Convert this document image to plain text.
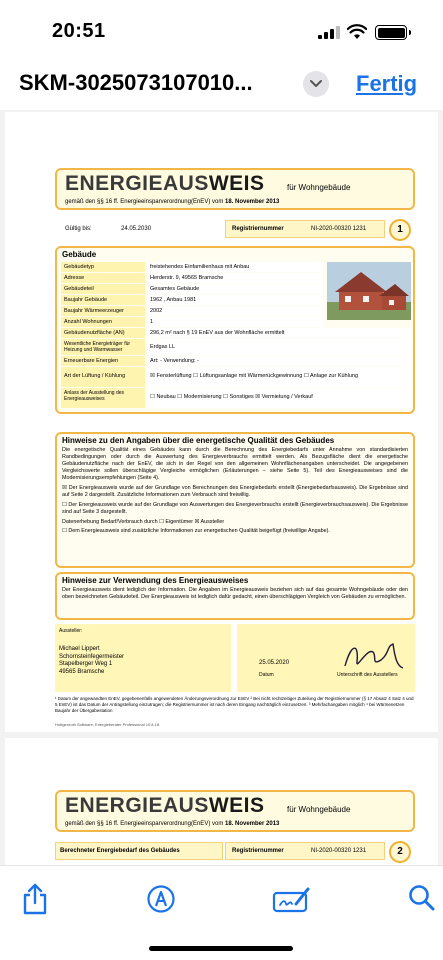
20:51
SKM-3025073107010...	Fertig
ENERGIEAUSWEIS	für Wohngebäude
gemäß den §§ 16 ff. Energieeinsparverordnung(EnEV) vom 18. November 2013
Gültig bis:	24.05.2030	Registriernummer	NI-2020-00320 1231	1
Gebäude
Gebäudetyp	freistehendes Einfamilienhaus mit Anbau
Adresse	Herderstr. 9, 49565 Bramsche
Gebäudeteil	Gesamtes Gebäude
Baujahr Gebäude	1962 , Anbau 1981
Baujahr Wärmeerzeuger	2002
Anzahl Wohnungen	1
Gebäudenutzfläche (AN)	296,2 m² nach § 19 EnEV aus der Wohnfläche ermittelt
Wesentliche Energieträger für Heizung und Warmwasser	Erdgas LL
Erneuerbare Energien	Art: - Verwendung: -
Art der Lüftung / Kühlung	☒ Fensterlüftung ☐ Lüftungsanlage mit Wärmerückgewinnung ☐ Anlage zur Kühlung
Anlass der Ausstellung des Energieausweises	☐ Neubau ☐ Modernisierung ☐ Sonstiges ☒ Vermietung / Verkauf
Hinweise zu den Angaben über die energetische Qualität des Gebäudes
Die energetische Qualität eines Gebäudes kann durch die Berechnung des Energiebedarfs unter Annahme von standardisierten Randbedingungen oder durch die Auswertung des Energieverbrauchs ermittelt werden. Als Bezugsfläche dient die energetische Gebäudenutzfläche nach der EnEV, die sich in der Regel von den allgemeinen Wohnflächenangaben unterscheidet. Die angegebenen Vergleichswerte sollen überschlägige Vergleiche ermöglichen (Erläuterungen – siehe Seite 5). Teil des Energieausweises sind die Modernisierungsempfehlungen (Seite 4).
☒ Der Energieausweis wurde auf der Grundlage von Berechnungen des Energiebedarfs erstellt (Energiebedarfsausweis). Die Ergebnisse sind auf Seite 2 dargestellt. Zusätzliche Informationen zum Verbrauch sind freiwillig.
☐ Der Energieausweis wurde auf der Grundlage von Auswertungen des Energieverbrauchs erstellt (Energieverbrauchsausweis). Die Ergebnisse sind auf Seite 3 dargestellt.
Datenerhebung Bedarf/Verbrauch durch ☐ Eigentümer ☒ Aussteller
☐ Dem Energieausweis sind zusätzliche Informationen zur energetischen Qualität beigefügt (freiwillige Angabe).
Hinweise zur Verwendung des Energieausweises
Der Energieausweis dient lediglich der Information. Die Angaben im Energieausweis beziehen sich auf das gesamte Wohngebäude oder den oben bezeichneten Gebäudeteil. Der Energieausweis ist lediglich dafür gedacht, einen überschlägigen Vergleich von Gebäuden zu ermöglichen.
Aussteller:
Michael Lippert
Schornsteinfegermeister
Stapelberger Weg 1
49565 Bramsche
25.05.2020
Datum	Unterschrift des Ausstellers
¹ Datum der angewandten EnEV, gegebenenfalls angewendeten Änderungsverordnung zur EnEV ² Bei nicht rechtzeitiger Zuteilung der Registriernummer (§ 17 Absatz 4 Satz 4 und 5 EnEV) ist das Datum der Antragstellung einzutragen; die Registriernummer ist nach deren Eingang nachträglich einzusetzen. ³ Mehrfachangaben möglich ⁴ bei Wärmenetzen Baujahr der Übergabestation
Hottgenroth Software, Energieberater Professional 10.8.18
ENERGIEAUSWEIS	für Wohngebäude
gemäß den §§ 16 ff. Energieeinsparverordnung(EnEV) vom 18. November 2013
Berechneter Energiebedarf des Gebäudes	Registriernummer	NI-2020-00320 1231	2
